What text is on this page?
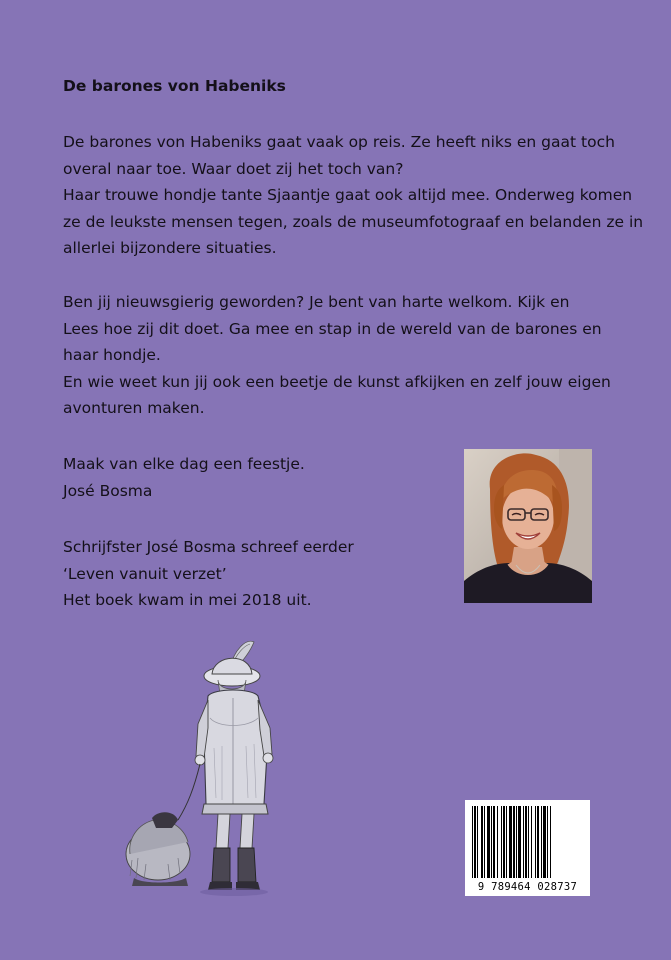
De barones von Habeniks

De barones von Habeniks gaat vaak op reis. Ze heeft niks en gaat toch
overal naar toe. Waar doet zij het toch van?
Haar trouwe hondje tante Sjaantje gaat ook altijd mee. Onderweg komen
ze de leukste mensen tegen, zoals de museumfotograaf en belanden ze in
allerlei bijzondere situaties.

Ben jij nieuwsgierig geworden? Je bent van harte welkom. Kijk en
Lees hoe zij dit doet. Ga mee en stap in de wereld van de barones en
haar hondje.
En wie weet kun jij ook een beetje de kunst afkijken en zelf jouw eigen
avonturen maken.

Maak van elke dag een feestje.
José Bosma

Schrijfster José Bosma schreef eerder
‘Leven vanuit verzet’
Het boek kwam in mei 2018 uit.

9 789464 028737
